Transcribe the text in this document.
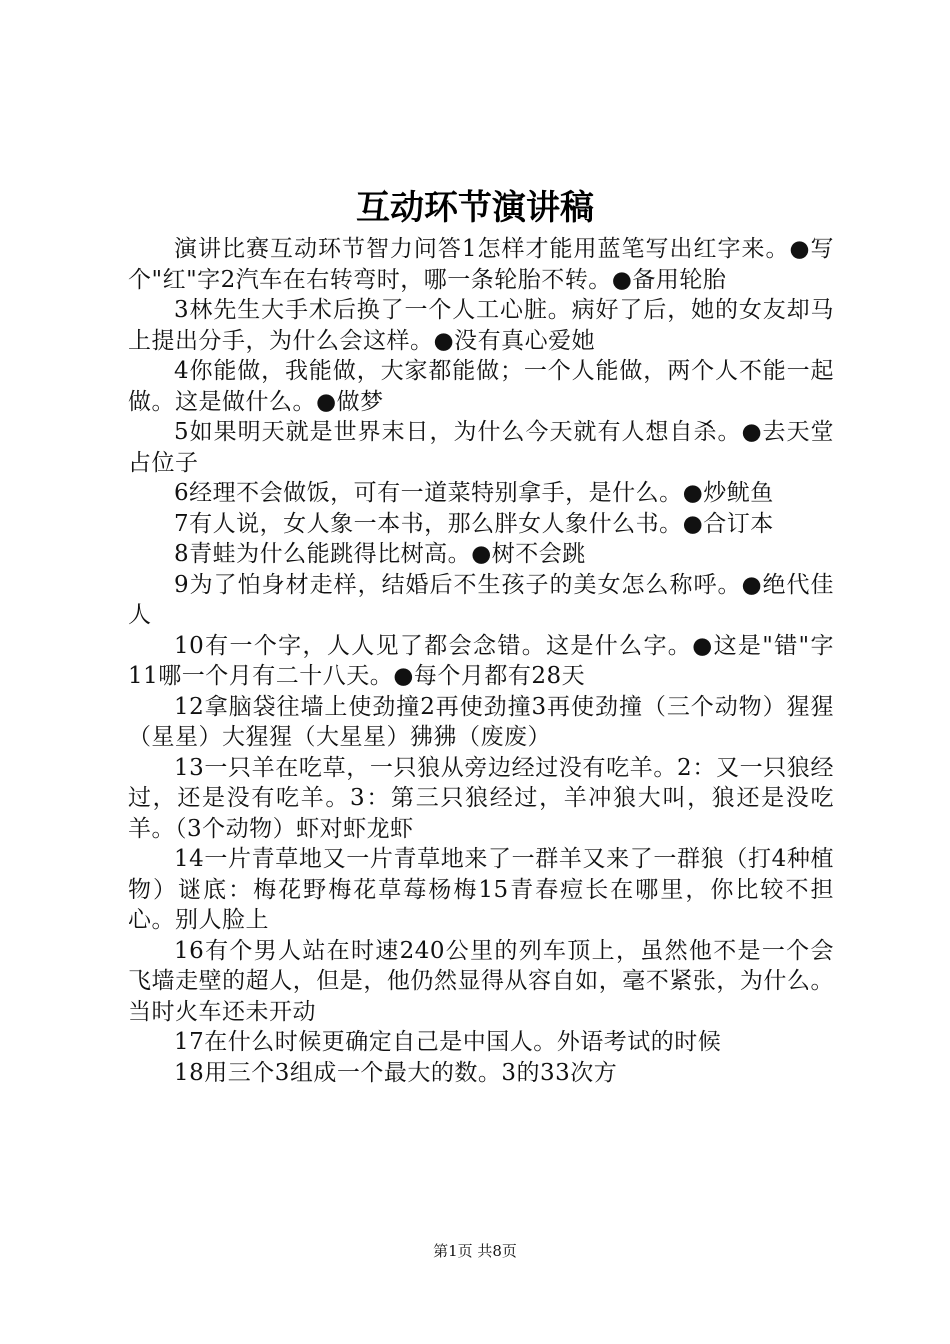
互动环节演讲稿

演讲比赛互动环节智力问答1怎样才能用蓝笔写出红字来。●写个"红"字2汽车在右转弯时，哪一条轮胎不转。●备用轮胎

3林先生大手术后换了一个人工心脏。病好了后，她的女友却马上提出分手，为什么会这样。●没有真心爱她

4你能做，我能做，大家都能做；一个人能做，两个人不能一起做。这是做什么。●做梦

5如果明天就是世界末日，为什么今天就有人想自杀。●去天堂占位子

6经理不会做饭，可有一道菜特别拿手，是什么。●炒鱿鱼

7有人说，女人象一本书，那么胖女人象什么书。●合订本

8青蛙为什么能跳得比树高。●树不会跳

9为了怕身材走样，结婚后不生孩子的美女怎么称呼。●绝代佳人

10有一个字，人人见了都会念错。这是什么字。●这是"错"字11哪一个月有二十八天。●每个月都有28天

12拿脑袋往墙上使劲撞2再使劲撞3再使劲撞（三个动物）猩猩（星星）大猩猩（大星星）狒狒（废废）

13一只羊在吃草，一只狼从旁边经过没有吃羊。2：又一只狼经过，还是没有吃羊。3：第三只狼经过，羊冲狼大叫，狼还是没吃羊。（3个动物）虾对虾龙虾

14一片青草地又一片青草地来了一群羊又来了一群狼（打4种植物）谜底：梅花野梅花草莓杨梅15青春痘长在哪里，你比较不担心。别人脸上

16有个男人站在时速240公里的列车顶上，虽然他不是一个会飞墙走壁的超人，但是，他仍然显得从容自如，毫不紧张，为什么。当时火车还未开动

17在什么时候更确定自己是中国人。外语考试的时候

18用三个3组成一个最大的数。3的33次方

第1页 共8页
